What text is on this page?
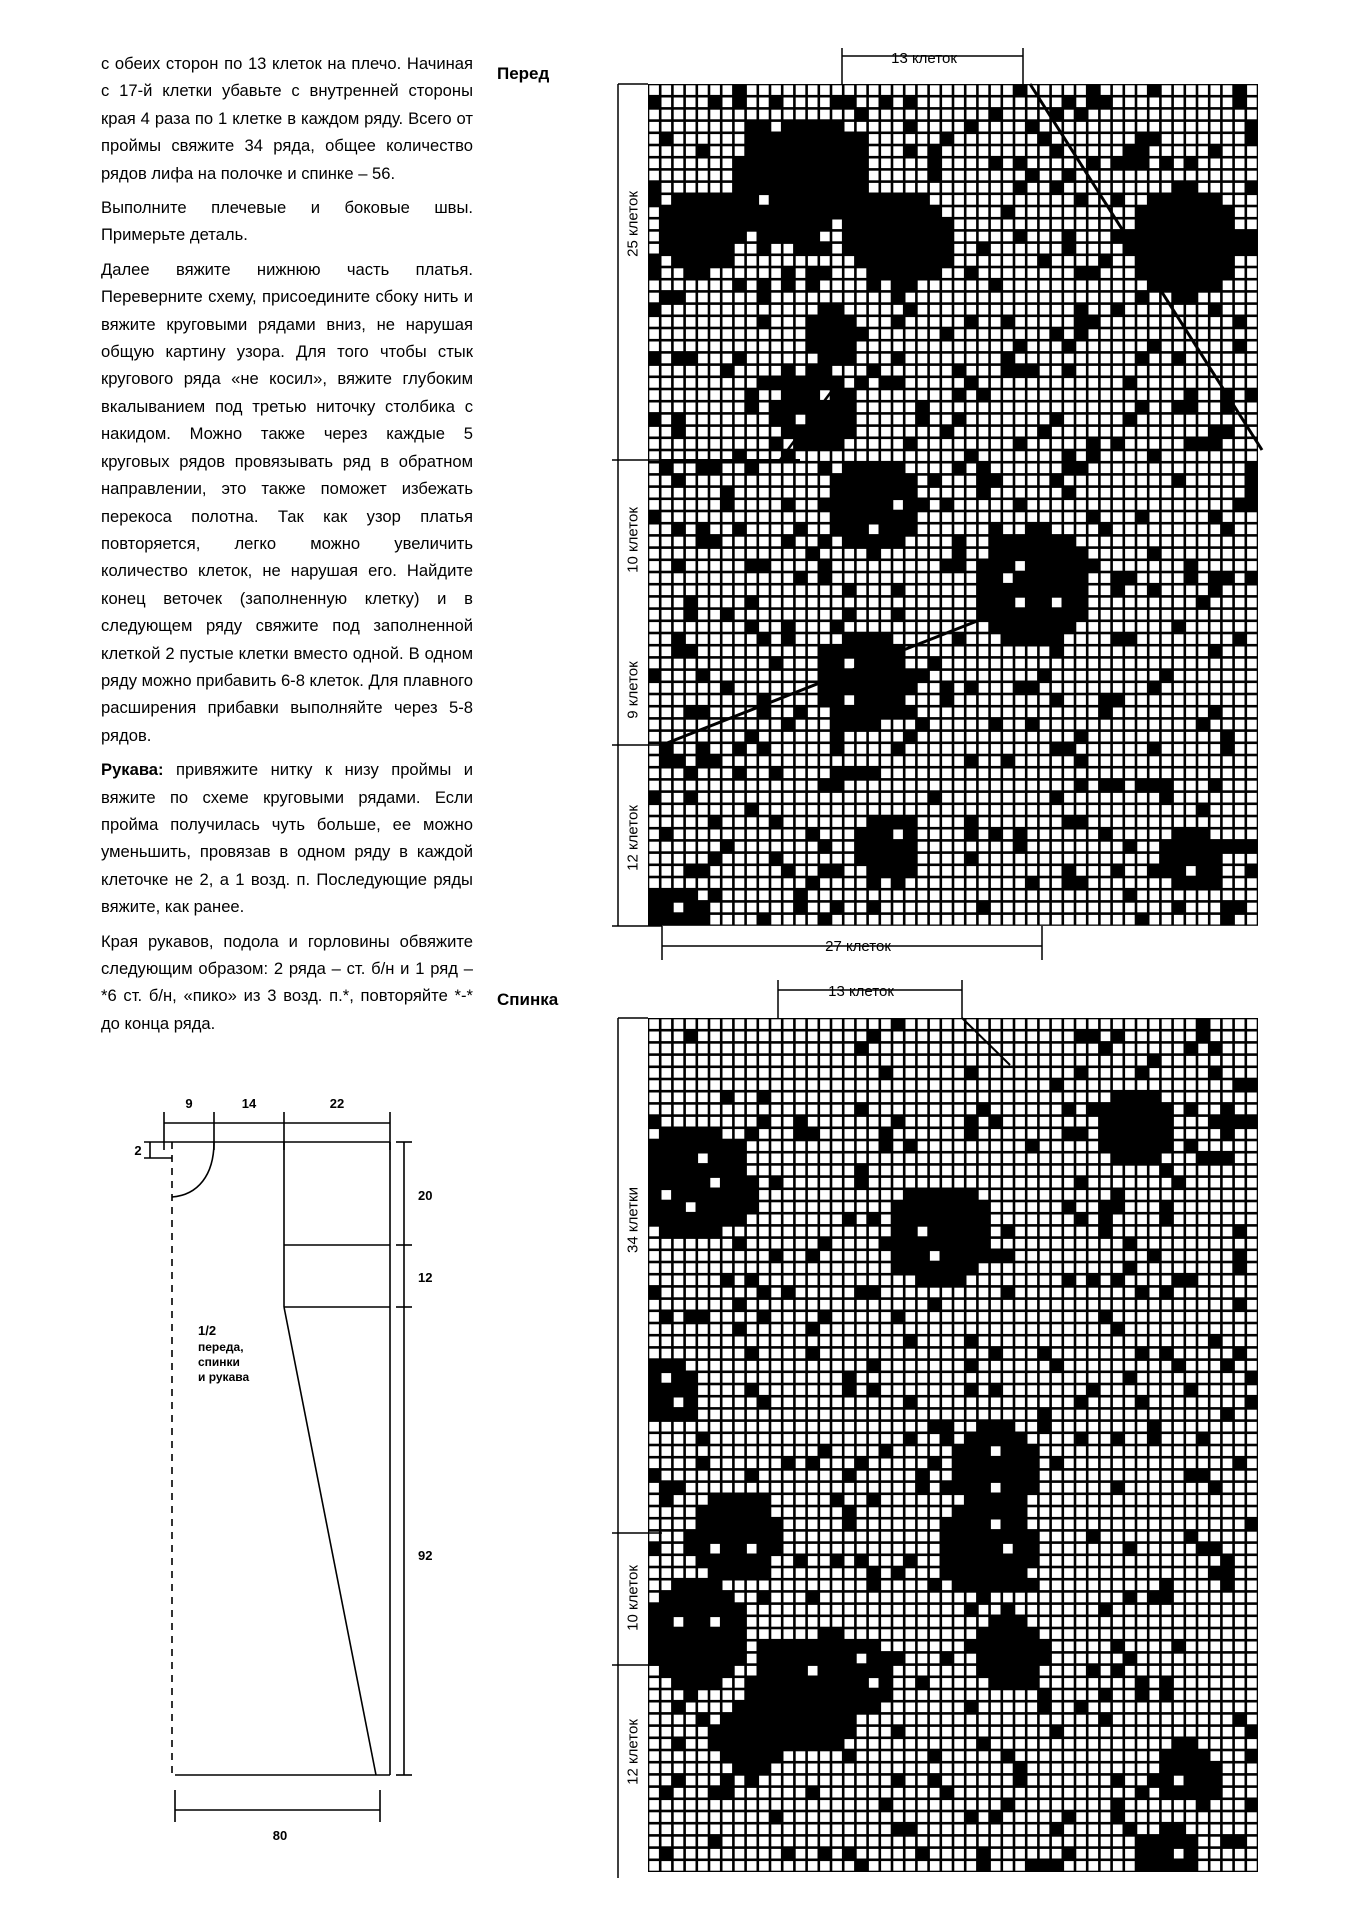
с обеих сторон по 13 клеток на плечо. Начиная с 17-й клетки убавьте с внутренней стороны края 4 раза по 1 клетке в каждом ряду. Всего от проймы свяжите 34 ряда, общее количество рядов лифа на полочке и спинке – 56.

Выполните плечевые и боковые швы. Примерьте деталь.

Далее вяжите нижнюю часть платья. Переверните схему, присоедините сбоку нить и вяжите круговыми рядами вниз, не нарушая общую картину узора. Для того чтобы стык кругового ряда «не косил», вяжите глубоким вкалыванием под третью ниточку столбика с накидом. Можно также через каждые 5 круговых рядов провязывать ряд в обратном направлении, это также поможет избежать перекоса полотна. Так как узор платья повторяется, легко можно увеличить количество клеток, не нарушая его. Найдите конец веточек (заполненную клетку) и в следующем ряду свяжите под заполненной клеткой 2 пустые клетки вместо одной. В одном ряду можно прибавить 6-8 клеток. Для плавного расширения прибавки выполняйте через 5-8 рядов.

Рукава: привяжите нитку к низу проймы и вяжите по схеме круговыми рядами. Если пройма получилась чуть больше, ее можно уменьшить, провязав в одном ряду в каждой клеточке не 2, а 1 возд. п. Последующие ряды вяжите, как ранее.

Края рукавов, подола и горловины обвяжите следующим образом: 2 ряда – ст. б/н и 1 ряд – *6 ст. б/н, «пико» из 3 возд. п.*, повторяйте *-* до конца ряда.

9	14	22
2
20
12
92
80
1/2
переда,
спинки
и рукава
Перед
13 клеток
25 клеток
10 клеток
9 клеток
12 клеток
27 клеток
Спинка	13 клеток
34 клетки
10 клеток
12 клеток
